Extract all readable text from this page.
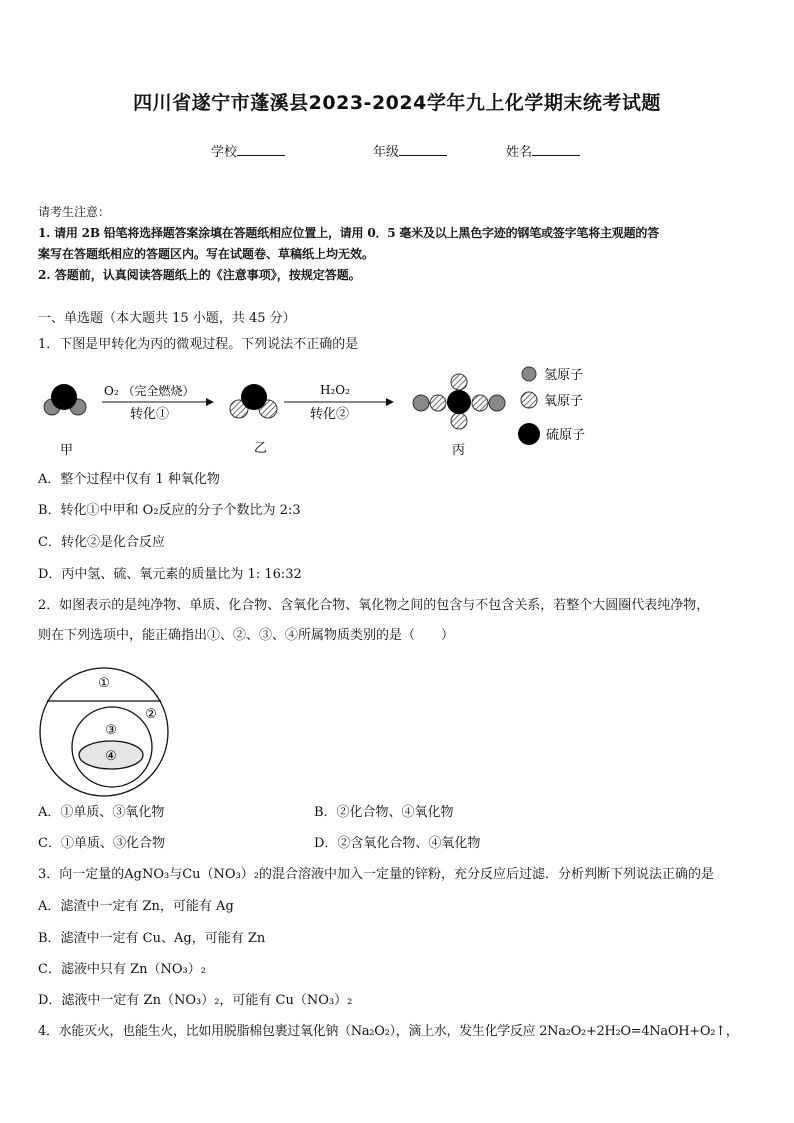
四川省遂宁市蓬溪县2023-2024学年九上化学期末统考试题
学校	年级	姓名
请考生注意：
1. 请用 2B 铅笔将选择题答案涂填在答题纸相应位置上，请用 0．5 毫米及以上黑色字迹的钢笔或签字笔将主观题的答
案写在答题纸相应的答题区内。写在试题卷、草稿纸上均无效。
2. 答题前，认真阅读答题纸上的《注意事项》，按规定答题。
一、单选题（本大题共 15 小题，共 45 分）
1．下图是甲转化为丙的微观过程。下列说法不正确的是
甲
O₂ （完全燃烧）
转化①
乙
H₂O₂
转化②
丙
氢原子
氧原子
硫原子
A．整个过程中仅有 1 种氧化物
B．转化①中甲和 O₂反应的分子个数比为 2:3
C．转化②是化合反应
D．丙中氢、硫、氧元素的质量比为 1: 16:32
2．如图表示的是纯净物、单质、化合物、含氧化合物、氧化物之间的包含与不包含关系，若整个大圆圈代表纯净物，
则在下列选项中，能正确指出①、②、③、④所属物质类别的是（　　）
①
②
③
④
A．①单质、③氧化物	B．②化合物、④氧化物
C．①单质、③化合物	D．②含氧化合物、④氧化物
3．向一定量的AgNO₃与Cu（NO₃）₂的混合溶液中加入一定量的锌粉，充分反应后过滤．分析判断下列说法正确的是
A．滤渣中一定有 Zn，可能有 Ag
B．滤渣中一定有 Cu、Ag，可能有 Zn
C．滤液中只有 Zn（NO₃）₂
D．滤液中一定有 Zn（NO₃）₂，可能有 Cu（NO₃）₂
4．水能灭火，也能生火，比如用脱脂棉包裹过氧化钠（Na₂O₂），滴上水，发生化学反应 2Na₂O₂+2H₂O=4NaOH+O₂↑，
